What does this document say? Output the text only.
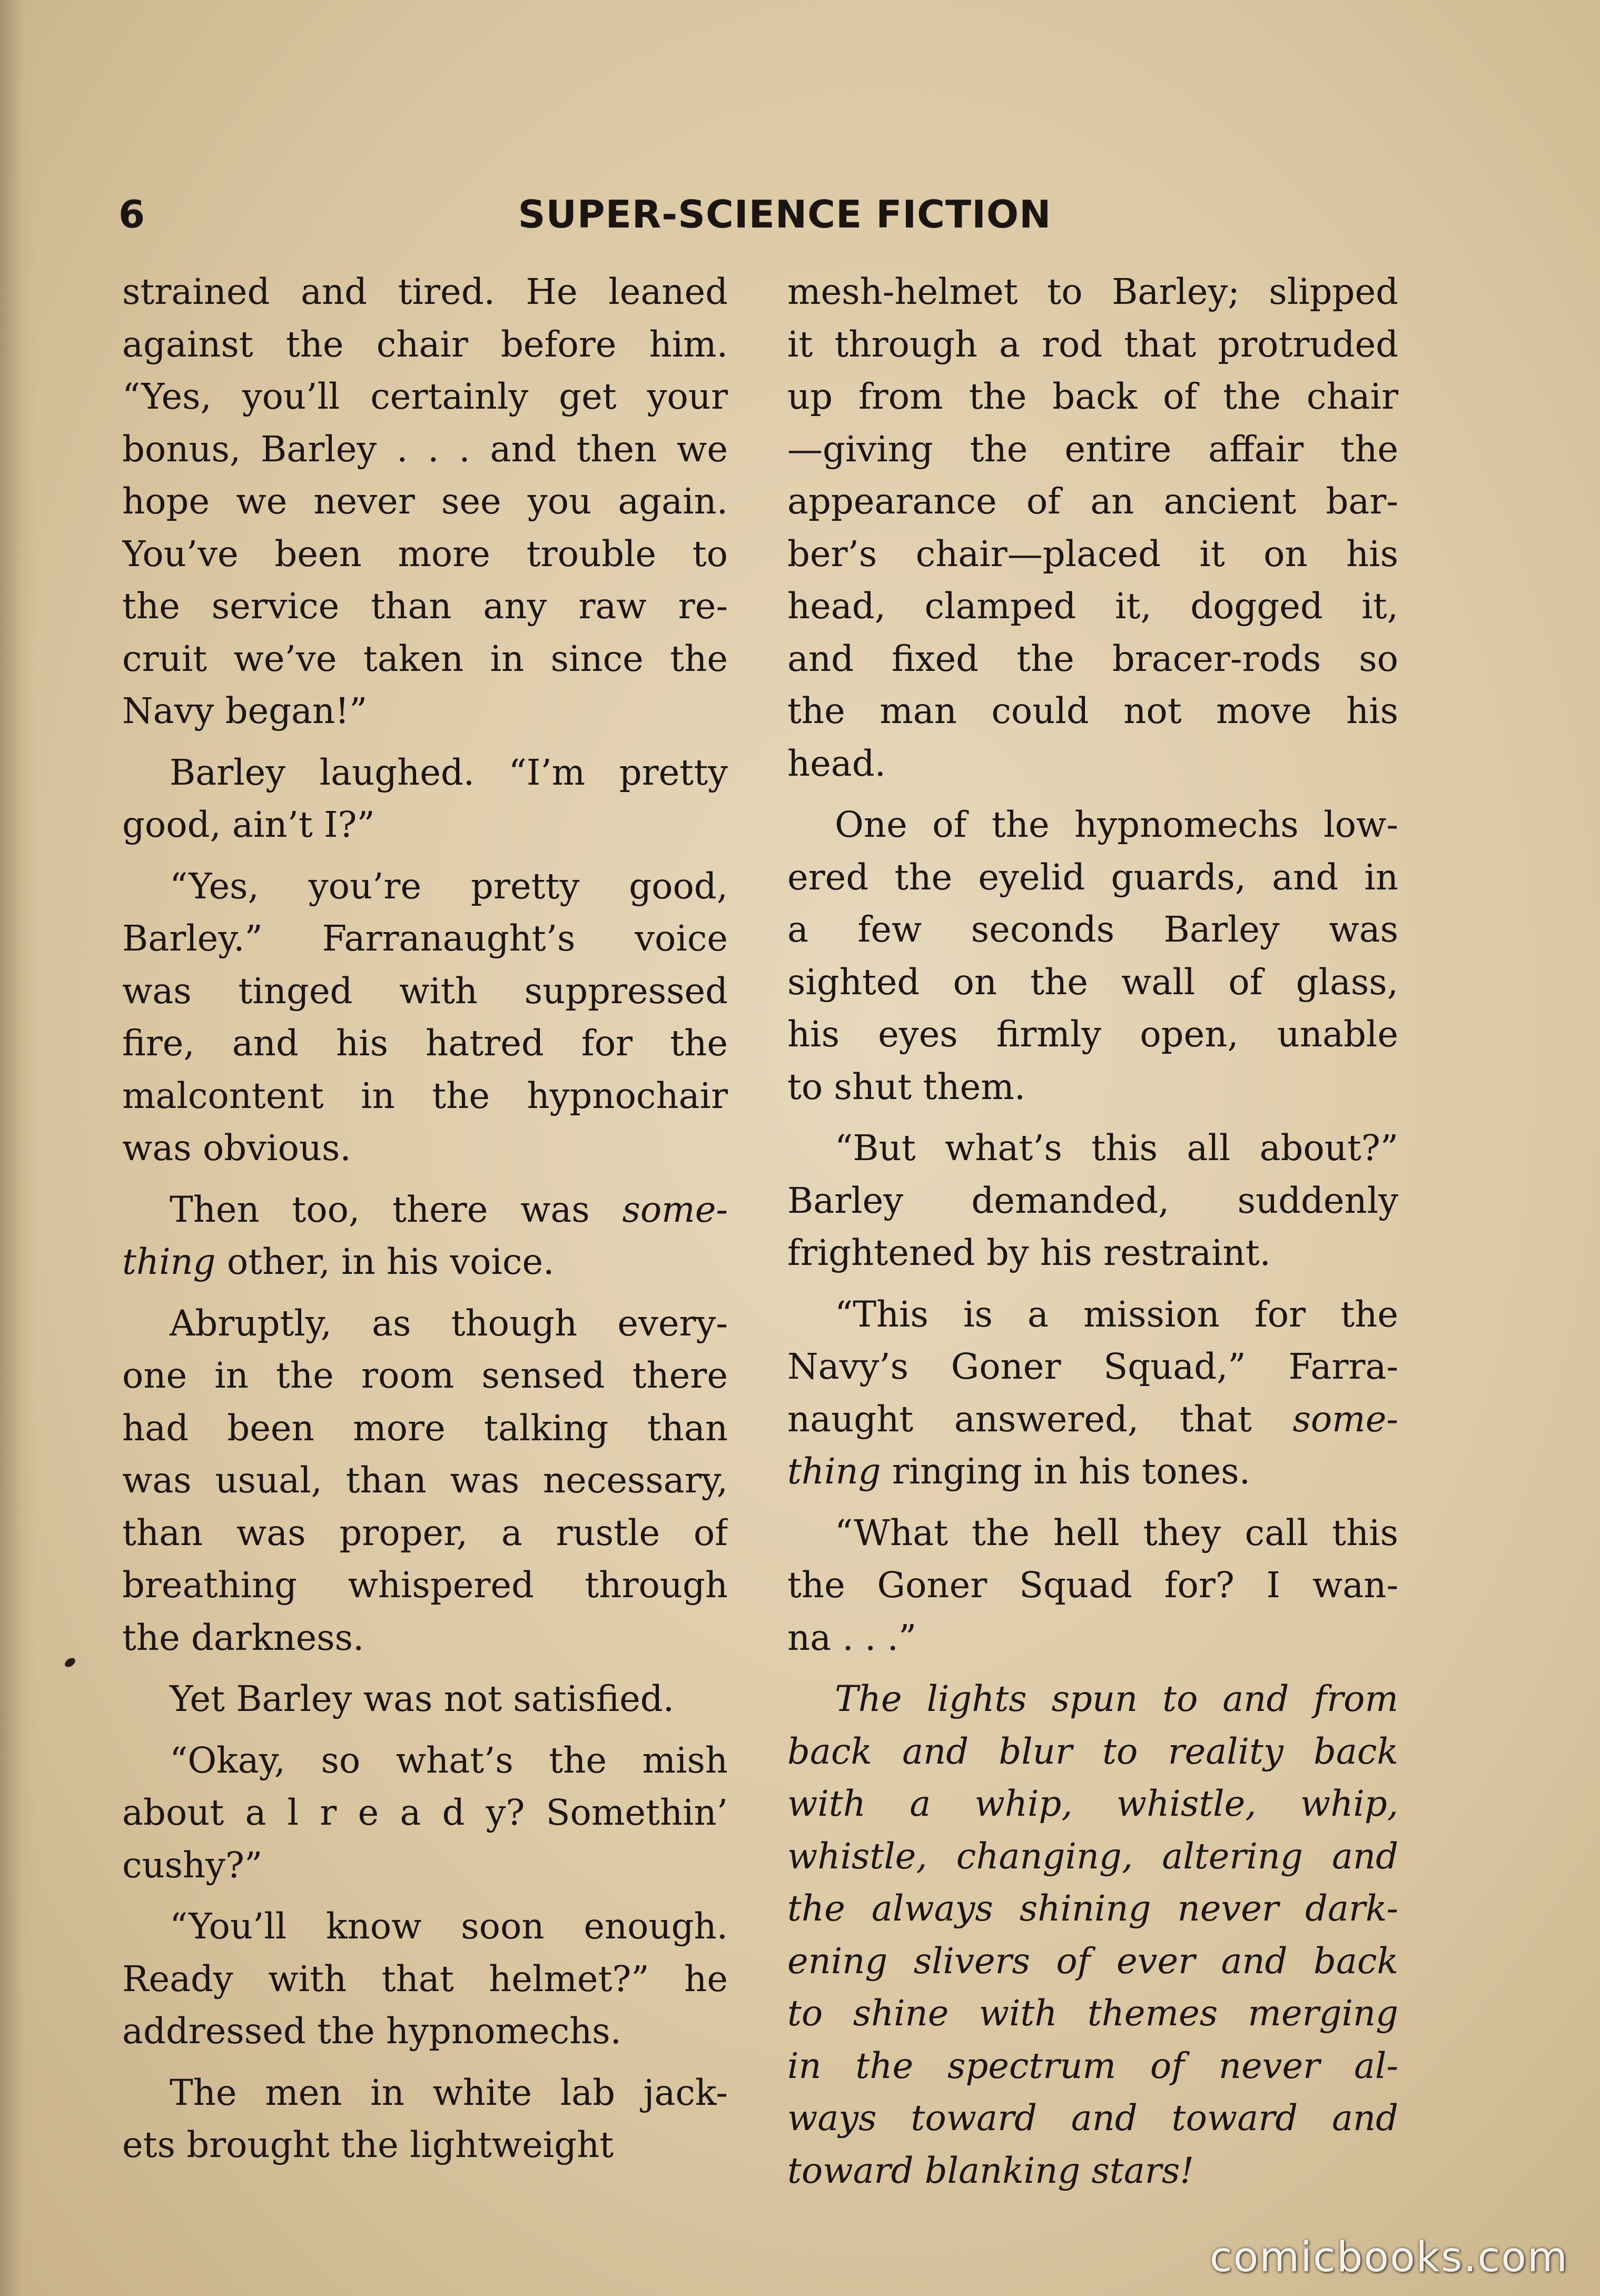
6	SUPER-SCIENCE FICTION
strained and tired. He leaned
against the chair before him.
“Yes, you’ll certainly get your
bonus, Barley . . . and then we
hope we never see you again.
You’ve been more trouble to
the service than any raw re-
cruit we’ve taken in since the
Navy began!”
Barley laughed. “I’m pretty
good, ain’t I?”
“Yes, you’re pretty good,
Barley.” Farranaught’s voice
was tinged with suppressed
fire, and his hatred for the
malcontent in the hypnochair
was obvious.
Then too, there was some-
thing other, in his voice.
Abruptly, as though every-
one in the room sensed there
had been more talking than
was usual, than was necessary,
than was proper, a rustle of
breathing whispered through
the darkness.
Yet Barley was not satisfied.
“Okay, so what’s the mish
about a l r e a d y? Somethin’
cushy?”
“You’ll know soon enough.
Ready with that helmet?” he
addressed the hypnomechs.
The men in white lab jack-
ets brought the lightweight
mesh-helmet to Barley; slipped
it through a rod that protruded
up from the back of the chair
—giving the entire affair the
appearance of an ancient bar-
ber’s chair—placed it on his
head, clamped it, dogged it,
and fixed the bracer-rods so
the man could not move his
head.
One of the hypnomechs low-
ered the eyelid guards, and in
a few seconds Barley was
sighted on the wall of glass,
his eyes firmly open, unable
to shut them.
“But what’s this all about?”
Barley demanded, suddenly
frightened by his restraint.
“This is a mission for the
Navy’s Goner Squad,” Farra-
naught answered, that some-
thing ringing in his tones.
“What the hell they call this
the Goner Squad for? I wan-
na . . .”
The lights spun to and from
back and blur to reality back
with a whip, whistle, whip,
whistle, changing, altering and
the always shining never dark-
ening slivers of ever and back
to shine with themes merging
in the spectrum of never al-
ways toward and toward and
toward blanking stars!
comicbooks.com
